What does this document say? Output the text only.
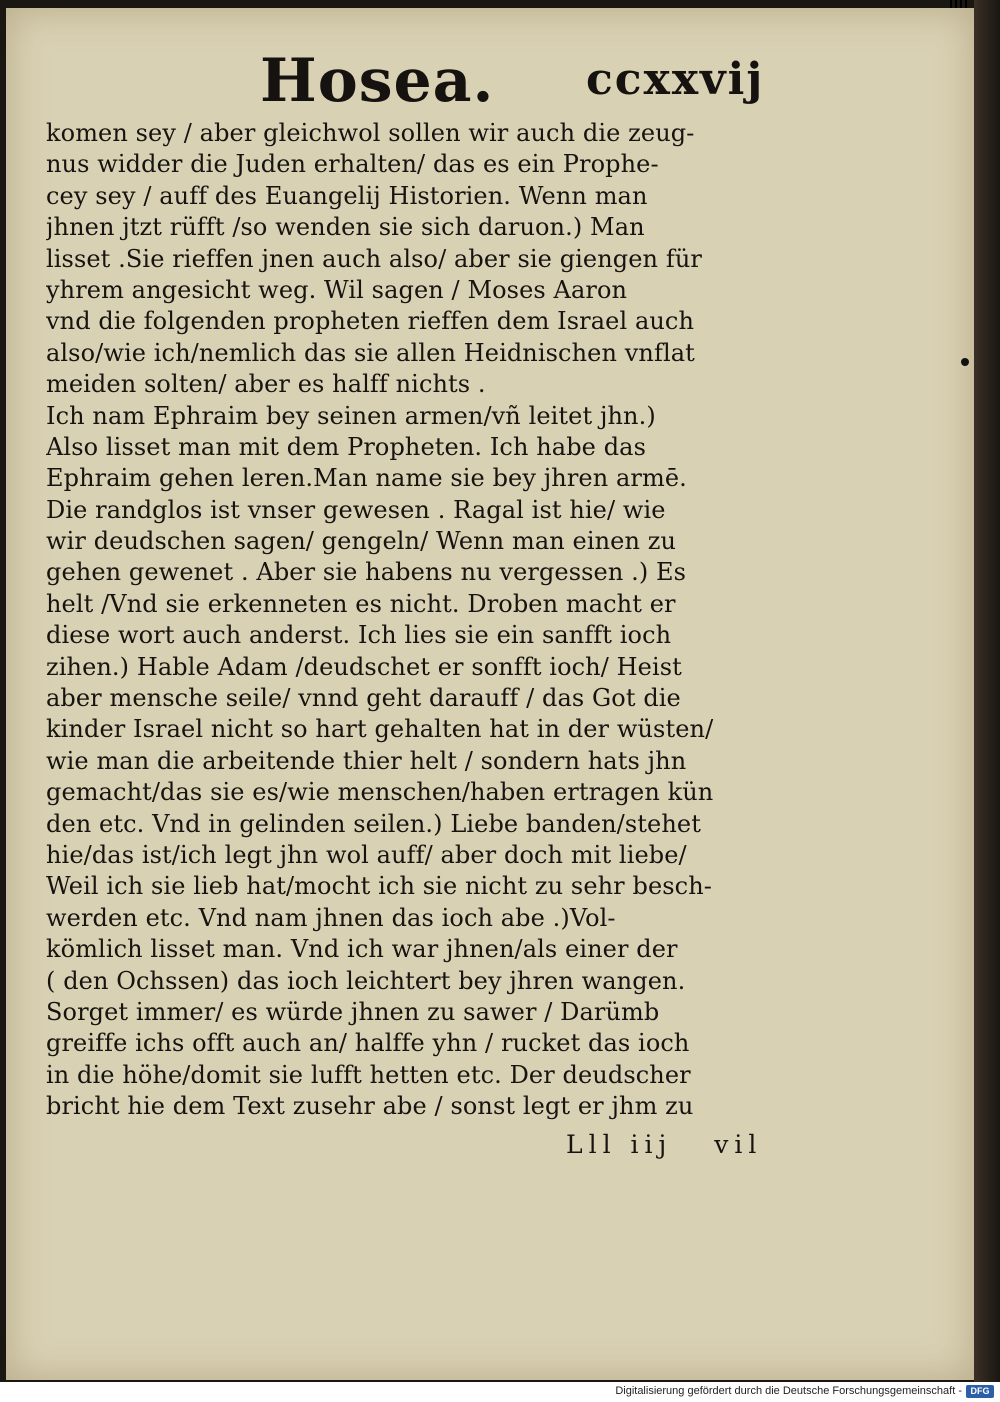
Hosea. ccxxvij
komen sey / aber gleichwol sollen wir auch die zeug-
nus widder die Juden erhalten/ das es ein Prophe-
cey sey / auff des Euangelij Historien. Wenn man
jhnen jtzt rüfft /so wenden sie sich daruon.) Man
lisset .Sie rieffen jnen auch also/ aber sie giengen für
yhrem angesicht weg. Wil sagen / Moses Aaron
vnd die folgenden propheten rieffen dem Israel auch
also/wie ich/nemlich das sie allen Heidnischen vnflat
meiden solten/ aber es halff nichts .
Ich nam Ephraim bey seinen armen/vñ leitet jhn.)
Also lisset man mit dem Propheten. Ich habe das
Ephraim gehen leren.Man name sie bey jhren armē.
Die randglos ist vnser gewesen . Ragal ist hie/ wie
wir deudschen sagen/ gengeln/ Wenn man einen zu
gehen gewenet . Aber sie habens nu vergessen .) Es
helt /Vnd sie erkenneten es nicht. Droben macht er
diese wort auch anderst. Ich lies sie ein sanfft ioch
zihen.) Hable Adam /deudschet er sonfft ioch/ Heist
aber mensche seile/ vnnd geht darauff / das Got die
kinder Israel nicht so hart gehalten hat in der wüsten/
wie man die arbeitende thier helt / sondern hats jhn
gemacht/das sie es/wie menschen/haben ertragen kün
den etc. Vnd in gelinden seilen.) Liebe banden/stehet
hie/das ist/ich legt jhn wol auff/ aber doch mit liebe/
Weil ich sie lieb hat/mocht ich sie nicht zu sehr besch-
werden etc. Vnd nam jhnen das ioch abe .)Vol-
kömlich lisset man. Vnd ich war jhnen/als einer der
( den Ochssen) das ioch leichtert bey jhren wangen.
Sorget immer/ es würde jhnen zu sawer / Darümb
greiffe ichs offt auch an/ halffe yhn / rucket das ioch
in die höhe/domit sie lufft hetten etc. Der deudscher
bricht hie dem Text zusehr abe / sonst legt er jhm zu
Lll iij vil
Digitalisierung gefördert durch die Deutsche Forschungsgemeinschaft - DFG
